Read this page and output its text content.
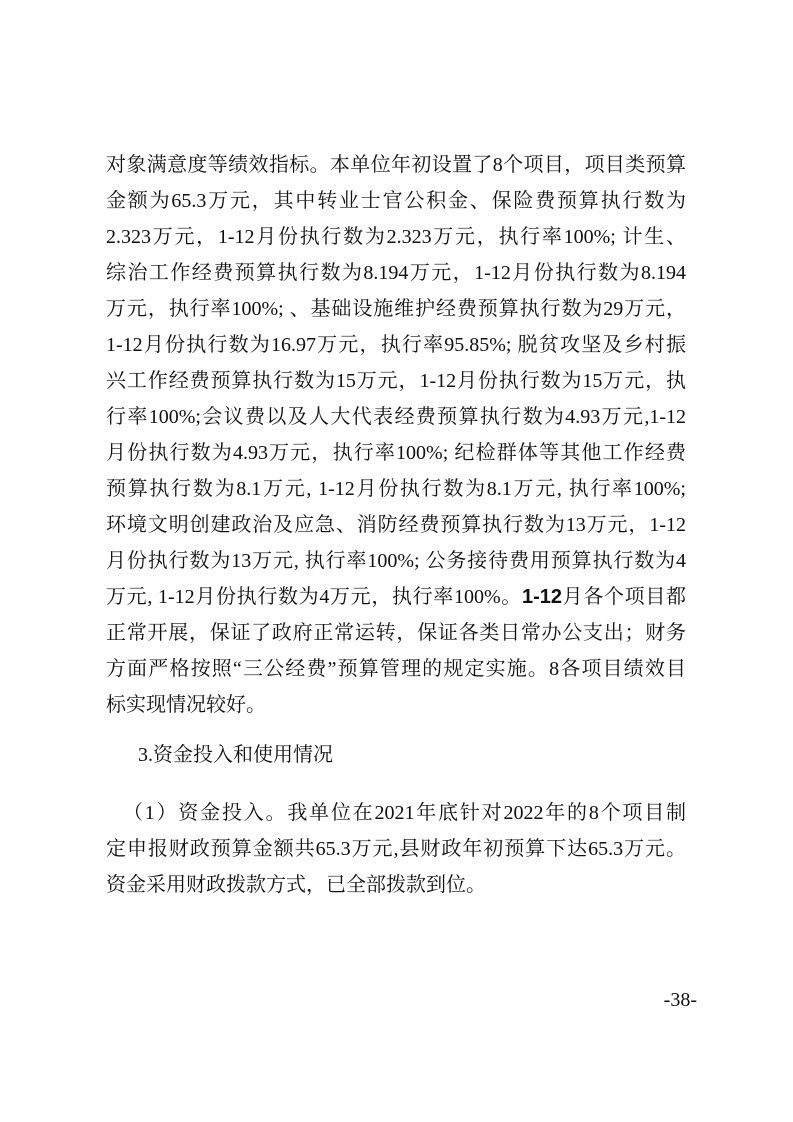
对象满意度等绩效指标。本单位年初设置了8个项目，项目类预算
金额为65.3万元，其中转业士官公积金、保险费预算执行数为
2.323万元，1-12月份执行数为2.323万元，执行率100%; 计生、
综治工作经费预算执行数为8.194万元，1-12月份执行数为8.194
万元，执行率100%; 、基础设施维护经费预算执行数为29万元，
1-12月份执行数为16.97万元，执行率95.85%; 脱贫攻坚及乡村振
兴工作经费预算执行数为15万元，1-12月份执行数为15万元，执
行率100%;会议费以及人大代表经费预算执行数为4.93万元,1-12
月份执行数为4.93万元，执行率100%; 纪检群体等其他工作经费
预算执行数为8.1万元, 1-12月份执行数为8.1万元, 执行率100%;
环境文明创建政治及应急、消防经费预算执行数为13万元，1-12
月份执行数为13万元, 执行率100%; 公务接待费用预算执行数为4
万元, 1-12月份执行数为4万元，执行率100%。1-12月各个项目都
正常开展，保证了政府正常运转，保证各类日常办公支出；财务
方面严格按照“三公经费”预算管理的规定实施。8各项目绩效目
标实现情况较好。
3.资金投入和使用情况
（1）资金投入。我单位在2021年底针对2022年的8个项目制
定申报财政预算金额共65.3万元,县财政年初预算下达65.3万元。
资金采用财政拨款方式，已全部拨款到位。
-38-
